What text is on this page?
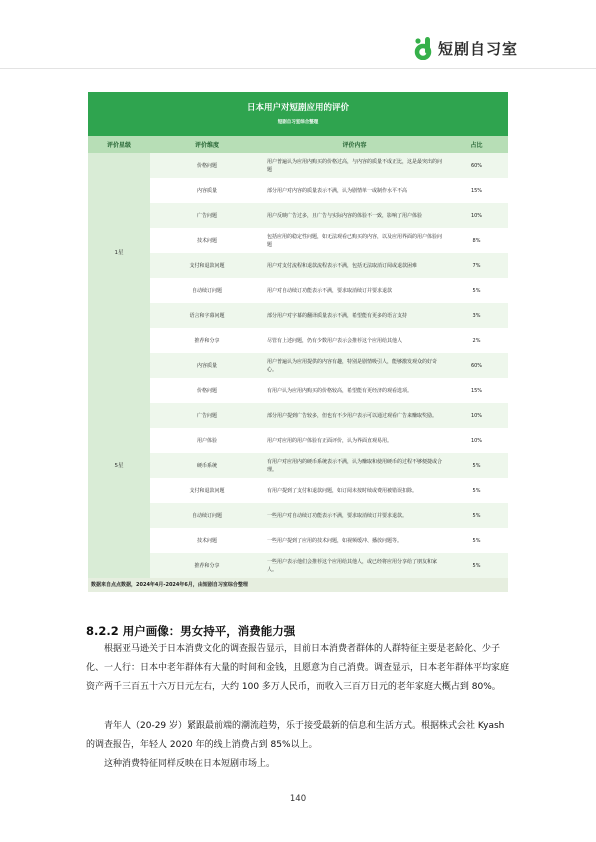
短剧自习室
日本用户对短剧应用的评价
短剧自习室综合整理
评价星级	评价维度	评价内容	占比
1星	价格问题	用户普遍认为应用内购买的价格过高，与内容的质量不成正比，这是最突出的问题	60%
	内容质量	部分用户对内容的质量表示不满，认为剧情单一或制作水平不高	15%
	广告问题	用户反映广告过多，且广告与实际内容的体验不一致，影响了用户体验	10%
	技术问题	包括应用的稳定性问题，如无法观看已购买的内容，以及应用界面的用户体验问题	8%
	支付和退款问题	用户对支付流程和退款流程表示不满，包括无法取消订阅或退款困难	7%
	自动续订问题	用户对自动续订功能表示不满，要求取消续订并要求退款	5%
	语言和字幕问题	部分用户对字幕的翻译质量表示不满，希望能有更多的语言支持	3%
	推荐和分享	尽管有上述问题，仍有少数用户表示会推荐这个应用给其他人	2%
5星	内容质量	用户普遍认为应用提供的内容有趣，特别是剧情吸引人，能够激发观众的好奇心。	60%
	价格问题	有用户认为应用内购买的价格较高，希望能有更经济的观看选项。	15%
	广告问题	部分用户提到广告较多，但也有不少用户表示可以通过观看广告来赚取奖励。	10%
	用户体验	用户对应用的用户体验有正面评价，认为界面直观易用。	10%
	硬币系统	有用户对应用内的硬币系统表示不满，认为赚取和使用硬币的过程不够便捷或合理。	5%
	支付和退款问题	有用户提到了支付和退款问题，如订阅未按时续或费用被错误扣除。	5%
	自动续订问题	一些用户对自动续订功能表示不满，要求取消续订并要求退款。	5%
	技术问题	一些用户提到了应用的技术问题，如视频缓冲、播放问题等。	5%
	推荐和分享	一些用户表示他们会推荐这个应用给其他人，或已经将应用分享给了朋友和家人。	5%
数据来自点点数据，2024年4月-2024年6月，由短剧自习室综合整理
8.2.2 用户画像：男女持平，消费能力强

根据亚马逊关于日本消费文化的调查报告显示，目前日本消费者群体的人群特征主要是老龄化、少子化、一人行：日本中老年群体有大量的时间和金钱，且愿意为自己消费。调查显示，日本老年群体平均家庭资产两千三百五十六万日元左右，大约 100 多万人民币，而收入三百万日元的老年家庭大概占到 80%。

青年人（20-29 岁）紧跟最前端的潮流趋势，乐于接受最新的信息和生活方式。根据株式会社 Kyash 的调查报告，年轻人 2020 年的线上消费占到 85%以上。

这种消费特征同样反映在日本短剧市场上。

140
